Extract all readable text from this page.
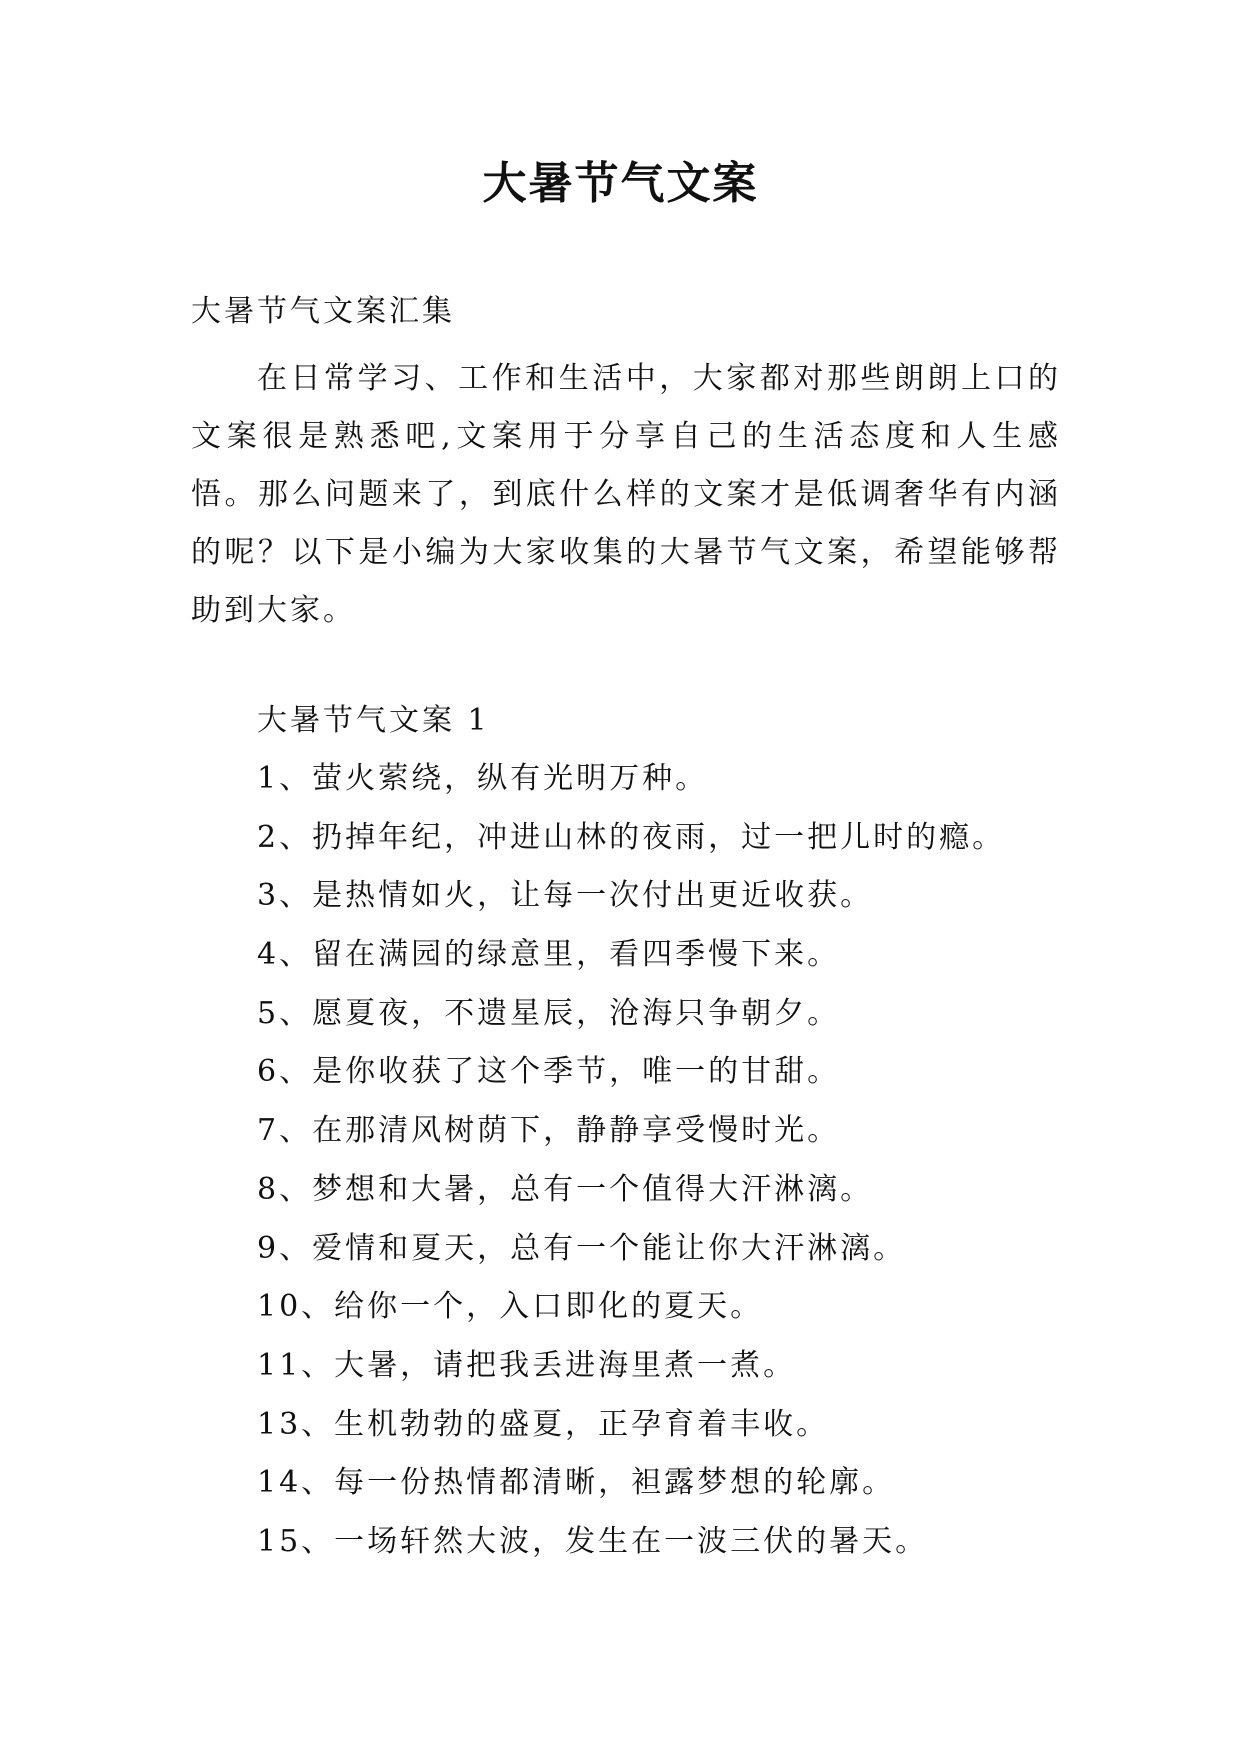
大暑节气文案
大暑节气文案汇集
在日常学习、工作和生活中，大家都对那些朗朗上口的文案很是熟悉吧,文案用于分享自己的生活态度和人生感悟。那么问题来了，到底什么样的文案才是低调奢华有内涵的呢？以下是小编为大家收集的大暑节气文案，希望能够帮助到大家。
大暑节气文案 1
1、萤火萦绕，纵有光明万种。
2、扔掉年纪，冲进山林的夜雨，过一把儿时的瘾。
3、是热情如火，让每一次付出更近收获。
4、留在满园的绿意里，看四季慢下来。
5、愿夏夜，不遗星辰，沧海只争朝夕。
6、是你收获了这个季节，唯一的甘甜。
7、在那清风树荫下，静静享受慢时光。
8、梦想和大暑，总有一个值得大汗淋漓。
9、爱情和夏天，总有一个能让你大汗淋漓。
10、给你一个，入口即化的夏天。
11、大暑，请把我丢进海里煮一煮。
13、生机勃勃的盛夏，正孕育着丰收。
14、每一份热情都清晰，袒露梦想的轮廓。
15、一场轩然大波，发生在一波三伏的暑天。
